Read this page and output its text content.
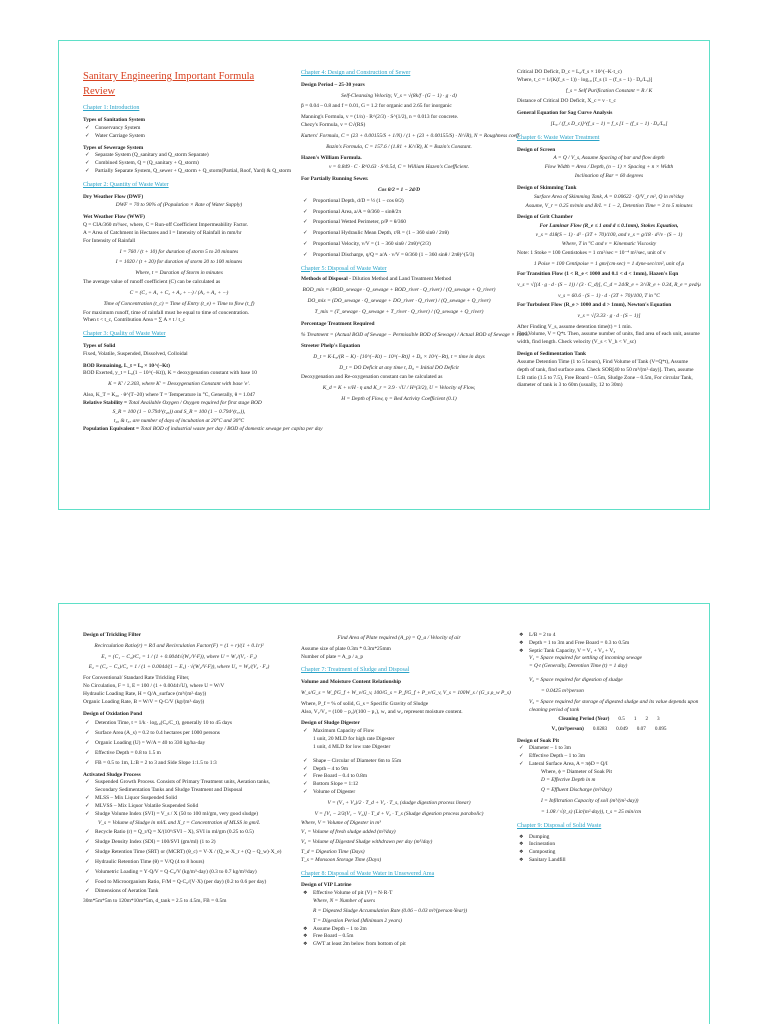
Sanitary Engineering Important Formula Review
Chapter 1: Introduction
Types of Sanitation System
✓ Conservancy System
✓ Water Carriage System
Types of Sewerage System
✓ Separate System (Q_sanitary and Q_storm Separate)
✓ Combined System, Q = (Q_sanitary + Q_storm)
✓ Partially Separate System, Q_sewer + Q_storm + Q_storm(Partial, Roof, Yard) & Q_storm
Chapter 2: Quantity of Waste Water
Dry Weather Flow (DWF)
DWF = 70 to 90% of (Population × Rate of Water Supply)
Wet Weather Flow (WWF)
Q = CIA/360 m³/sec, where, C = Run-off Coefficient Impermeability Factor.
A = Area of Catchment in Hectares and I = Intensity of Rainfall in mm/hr
For Intensity of Rainfall
I = 760 / (t + 10) for duration of storm 5 to 20 minutes
I = 1020 / (t + 20) for duration of storm 20 to 100 minutes
Where, t = Duration of Storm in minutes
The average value of runoff coefficient (C) can be calculated as
C = (C₁ + A₁ + C₂ + A₂ + ···) / (A₁ + A₂ + ···)
Time of Concentration (t_c) = Time of Entry (t_e) + Time to flow (t_f)
For maximum runoff, time of rainfall must be equal to time of concentration.
When t < t_c, Contribution Area = ∑ A × t / t_c
Chapter 3: Quality of Waste Water
Types of Solid
Fixed, Volatile, Suspended, Dissolved, Colloidal
BOD Remaining, L_t = L₀ × 10^(−Kt)
BOD Exerted, y_t = L₀(1 − 10^(−Kt)), K = deoxygenation constant with base 10
K = K′ / 2.303, where K′ = Deoxygenation Constant with base 'e'.
Also, K_T = K₂₀ · θ^(T−20) where T = Temperature in °C, Generally, θ = 1.047
Relative Stability = Total Available Oxygen / Oxygen required for first stage BOD
S_R = 100 (1 − 0.794^(t₂₀)) and S_R = 100 (1 − 0.794^(t₃₇)),
t₂₀ & t₃₇ are number of days of incubation at 20°C and 30°C
Population Equivalent = Total BOD of industrial waste per day / BOD of domestic sewage per capita per day
Chapter 4: Design and Construction of Sewer
Design Period – 25-30 years
Self-Cleansing Velocity, V_s = √(8k/f · (G − 1) · g · d)
β = 0.04 – 0.8 and f = 0.01, G = 1.2 for organic and 2.65 for inorganic
Manning's Formula, v = (1/n) · R^(2/3) · S^(1/2), n = 0.013 for concrete.
Chezy's Formula, v = C√(RS)
Kutters' Formula, C = (23 + 0.00155/S + 1/N) / (1 + (23 + 0.00155/S) · N/√R), N = Roughness coeff.
Bazin's Formula, C = 157.6 / (1.81 + K/√R), K = Bazin's Constant.
Hazen's William Formula.
v = 0.849 · C · R^0.63 · S^0.54, C = William Hazen's Coefficient.
For Partially Running Sewer.
Cos θ/2 = 1 − 2d/D
✓ Proportional Depth, d/D = ½ (1 − cos θ/2)
✓ Proportional Area, a/A = θ/360 − sinθ/2π
✓ Proportional Wetted Perimeter, p/P = θ/360
✓ Proportional Hydraulic Mean Depth, r/R = (1 − 360 sinθ / 2πθ)
✓ Proportional Velocity, v/V = (1 − 360 sinθ / 2πθ)^(2/3)
✓ Proportional Discharge, q/Q = a/A · v/V = θ/360 (1 − 360 sinθ / 2πθ)^(5/3)
Chapter 5: Disposal of Waste Water
Methods of Disposal - Dilution Method and Land Treatment Method
BOD_mix = (BOD_sewage · Q_sewage + BOD_river · Q_river) / (Q_sewage + Q_river)
DO_mix = (DO_sewage · Q_sewage + DO_river · Q_river) / (Q_sewage + Q_river)
T_mix = (T_sewage · Q_sewage + T_river · Q_river) / (Q_sewage + Q_river)
Percentage Treatment Required
% Treatment = (Actual BOD of Sewage − Permissible BOD of Sewage) / Actual BOD of Sewage × 100%
Streeter Phelp's Equation
D_t = K·L₀/(R − K) · [10^(−Kt) − 10^(−Rt)] + D₀ × 10^(−Rt), t = time in days
D_t = DO Deficit at any time t, D₀ = Initial DO Deficit
Deoxygenation and Re-oxygenation constant can be calculated as
K_d = K + v/H · η and K_r = 3.9 · √U / H^(3/2), U = Velocity of Flow,
H = Depth of Flow, η = Bed Activity Coefficient (0.1)
Critical DO Deficit, D_c = L₀/f_s × 10^(−K·t_c)
Where, t_c = 1/(K(f_s − 1)) · log₁₀ [f_s (1 − (f_s − 1) · D₀/L₀)]
f_s = Self Purification Constant = R / K
Distance of Critical DO Deficit, X_c = v · t_c
General Equation for Sag Curve Analysis
[L₀ / (f_s D_c)]^(f_s − 1) = f_s [1 − (f_s − 1) · D₀/L₀]
Chapter 6: Waste Water Treatment
Design of Screen
A = Q / V_s, Assume Spacing of bar and flow depth
Flow Width = Area / Depth, (n − 1) × Spacing + n × Width
Inclination of Bar = 60 degrees
Design of Skimming Tank
Surface Area of Skimming Tank, A = 0.00622 · Q/V_r m², Q in m³/day
Assume, V_r = 0.25 m/min and B/L = 1 − 2, Detention Time = 3 to 5 minutes
Design of Grit Chamber
For Laminar Flow (R_e ≤ 1 and d ≤ 0.1mm), Stokes Equation,
v_s = 418(S − 1) · d² · (3T + 70)/100, and v_s = g/18 · d²/ν · (S − 1)
Where, T in °C and ν = Kinematic Viscosity
Note: 1 Stoke = 100 Centistokes = 1 cm²/sec = 10⁻⁴ m²/sec, unit of ν
1 Poise = 100 Centipoise = 1 gm/(cm·sec) = 1 dyne·sec/cm², unit of μ
For Transition Flow (1 < R_e < 1000 and 0.1 < d < 1mm), Hazen's Eqn
v_s = √[(4 · g · d · (S − 1)) / (3 · C_d)], C_d = 24/R_e + 3/√R_e + 0.34, R_e = ρvd/μ
v_s = 60.6 · (S − 1) · d · (3T + 70)/100, T in °C
For Turbulent Flow (R_e > 1000 and d > 1mm), Newton's Equation
v_s = √[3.33 · g · d · (S − 1)]
After Finding V_s, assume detention time(t) = 1 min.
Find Volume, V = Q*t. Then, assume number of units, find area of each unit, assume width, find length. Check velocity (V_s < V_h < V_sc)
Design of Sedimentation Tank
Assume Detention Time (1 to 5 hours), Find Volume of Tank (V=Q*t), Assume depth of tank, find surface area. Check SOR[40 to 50 m³/(m²·day)]. Then, assume L:B ratio (1.5 to 7.5), Free Board – 0.5m, Sludge Zone – 0.5m, For circular Tank, diameter of tank is 3 to 60m (usually, 12 to 30m)
Design of Trickling Filter
Recirculation Ratio(r) = R/I and Recirculation Factor(F) = (1 + r)/(1 + 0.1r)²
E₁ = (C₁ − C₂)/C₁ = 1 / (1 + 0.0044√(W₁/V·F)), where U = W₁/(V₁ · F₁)
E₂ = (C₂ − C₃)/C₂ = 1 / (1 + 0.0044/(1 − E₁) · √(W₂/V·F)), where U₂ = W₂/(V₂ · F₂)
For Conventional/ Standard Rate Trickling Filter,
No Circulation, F = 1, E = 100 / (1 + 0.0044√U), where U = W/V
Hydraulic Loading Rate, H = Q/A_surface (m³/(m²·day))
Organic Loading Rate, B = W/V = Q·C/V (kg/(m³·day))
Design of Oxidation Pond
✓ Detention Time, t = 1/k · log₁₀(C₀/C_t), generally 10 to 45 days
✓ Surface Area (A_s) = 0.2 to 0.4 hectares per 1000 persons
✓ Organic Loading (U) = W/A = 40 to 330 kg/ha·day
✓ Effective Depth = 0.8 to 1.5 m
✓ FB = 0.5 to 1m, L:B = 2 to 3 and Side Slope 1:1.5 to 1:3
Activated Sludge Process
✓ Suspended Growth Process. Consists of Primary Treatment units, Aeration tanks, Secondary Sedimentation Tanks and Sludge Treatment and Disposal
✓ MLSS – Mix Liquor Suspended Solid
✓ MLVSS – Mix Liquor Volatile Suspended Solid
✓ Sludge Volume Index (SVI) = V_s / X (50 to 100 ml/gm, very good sludge)
V_s = Volume of Sludge in ml/L and X_t = Concentration of MLSS in gm/L
✓ Recycle Ratio (r) = Q_r/Q = X/(10⁶/SVI − X), SVI in ml/gm (0.25 to 0.5)
✓ Sludge Density Index (SDI) = 100/SVI (gm/ml) (1 to 2)
✓ Sludge Retention Time (SRT) or (MCRT) (θ_c) = V·X / (Q_w·X_r + (Q − Q_w)·X_e)
✓ Hydraulic Retention Time (θ) = V/Q (4 to 8 hours)
✓ Volumetric Loading = Y·Q/V = Q·C₀/V (kg/m³·day) (0.3 to 0.7 kg/m³/day)
✓ Food to Microorganism Ratio, F/M = Q·C₀/(V·X) (per day) (0.2 to 0.6 per day)
✓ Dimensions of Aeration Tank
30m*5m*5m to 120m*10m*5m, d_tank = 2.5 to 4.5m, FB = 0.5m
Find Area of Plate required (A_p) = Q_a / Velocity of air
Assume size of plate 0.3m * 0.3m*25mm
Number of plate = A_p / a_p
Chapter 7: Treatment of Sludge and Disposal
Volume and Moisture Content Relationship
W_s/G_s = W_f/G_f + W_v/G_v, 100/G_s = P_f/G_f + P_v/G_v, V_s = 100W_s / (G_s ρ_w P_s)
Where, P_f = % of solid, G_s = Specific Gravity of Sludge
Also, V₁/V₂ = (100 − p₂)/(100 − p₁), w₁ and w₂ represent moisture content.
Design of Sludge Digester
✓ Maximum Capacity of Flow
1 unit, 20 MLD for high rate Digester
1 unit, 4 MLD for low rate Digester
✓ Shape – Circular of Diameter 6m to 55m
✓ Depth – 4 to 9m
✓ Free Board – 0.4 to 0.8m
✓ Bottom Slope = 1:12
✓ Volume of Digester
V = (V₁ + V₂)/2 · T_d + V₂ · T_s, (sludge digestion process linear)
V = [V₁ − 2/3(V₁ − V₂)] · T_d + V₂ · T_s (Sludge digestion process parabolic)
Where, V = Volume of Digester in m³
V₁ = Volume of fresh sludge added (m³/day)
V₂ = Volume of Digested Sludge withdrawn per day (m³/day)
T_d = Digestion Time (Days)
T_s = Monsoon Storage Time (Days)
Chapter 8: Disposal of Waste Water in Unsewered Area
Design of VIP Latrine
❖ Effective Volume of pit (V) = N·R·T
Where, N = Number of users
R = Digested Sludge Accumulation Rate (0.06 – 0.03 m³/(person·Year))
T = Digestion Period (Minimum 2 years)
❖ Assume Depth – 1 to 2m
❖ Free Board – 0.5m
❖ GWT at least 2m below from bottom of pit
❖ L/B = 2 to 4
❖ Depth = 1 to 3m and Free Board = 0.3 to 0.5m
❖ Septic Tank Capacity, V = V₁ + V₂ + V₃
V₁ = Space required for settling of incoming sewage
= Q·t (Generally, Detention Time (t) = 1 day)
V₂ = Space required for digestion of sludge
= 0.0425 m³/person
V₃ = Space required for storage of digested sludge and its value depends upon cleaning period of tank
Cleaning Period (Year) 0.5 1 2 3
V₃ (m³/person) 0.0283 0.049 0.07 0.095
Design of Soak Pit
✓ Diameter – 1 to 3m
✓ Effective Depth – 1 to 3m
✓ Lateral Surface Area, A = πϕD = Q/I
Where, ϕ = Diameter of Soak Pit
D = Effective Depth in m
Q = Effluent Discharge (m³/day)
I = Infiltration Capacity of soil (m³/(m²·day))
= 1.08 / √(t_s) (Lit/(m²·day)), t_s = 25 min/cm
Chapter 9: Disposal of Solid Waste
❖ Dumping
❖ Incineration
❖ Composting
❖ Sanitary Landfill
